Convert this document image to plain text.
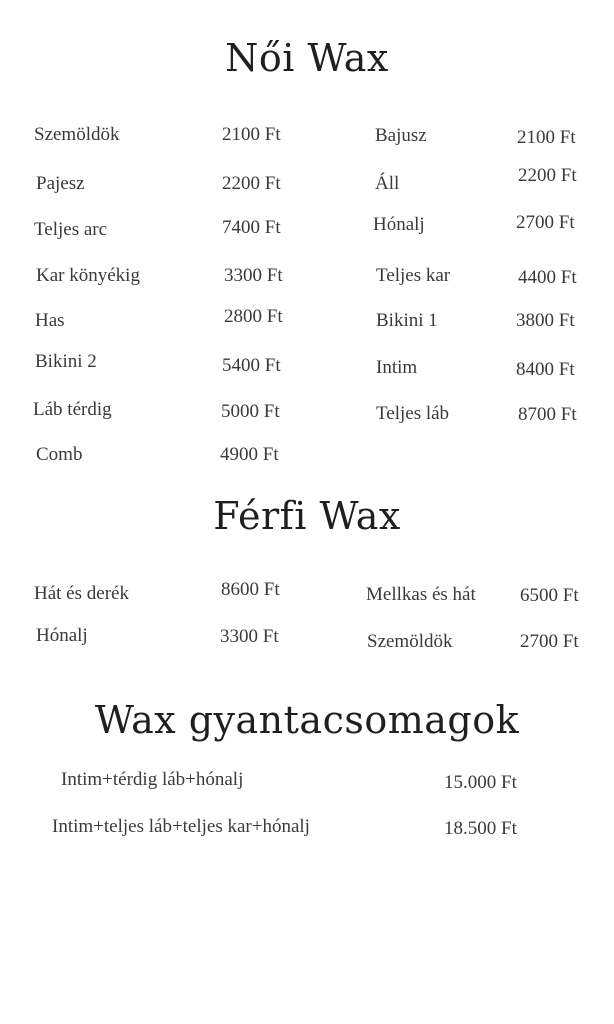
Női Wax
Szemöldök	2100 Ft
Pajesz	2200 Ft
Teljes arc	7400 Ft
Kar könyékig	3300 Ft
Has	2800 Ft
Bikini 2	5400 Ft
Láb térdig	5000 Ft
Comb	4900 Ft
Bajusz	2100 Ft
Áll	2200 Ft
Hónalj	2700 Ft
Teljes kar	4400 Ft
Bikini 1	3800 Ft
Intim	8400 Ft
Teljes láb	8700 Ft
Férfi Wax
Hát és derék	8600 Ft
Hónalj	3300 Ft
Mellkas és hát 6500 Ft
Szemöldök	2700 Ft
Wax gyantacsomagok
Intim+térdig láb+hónalj	15.000 Ft
Intim+teljes láb+teljes kar+hónalj	18.500 Ft
